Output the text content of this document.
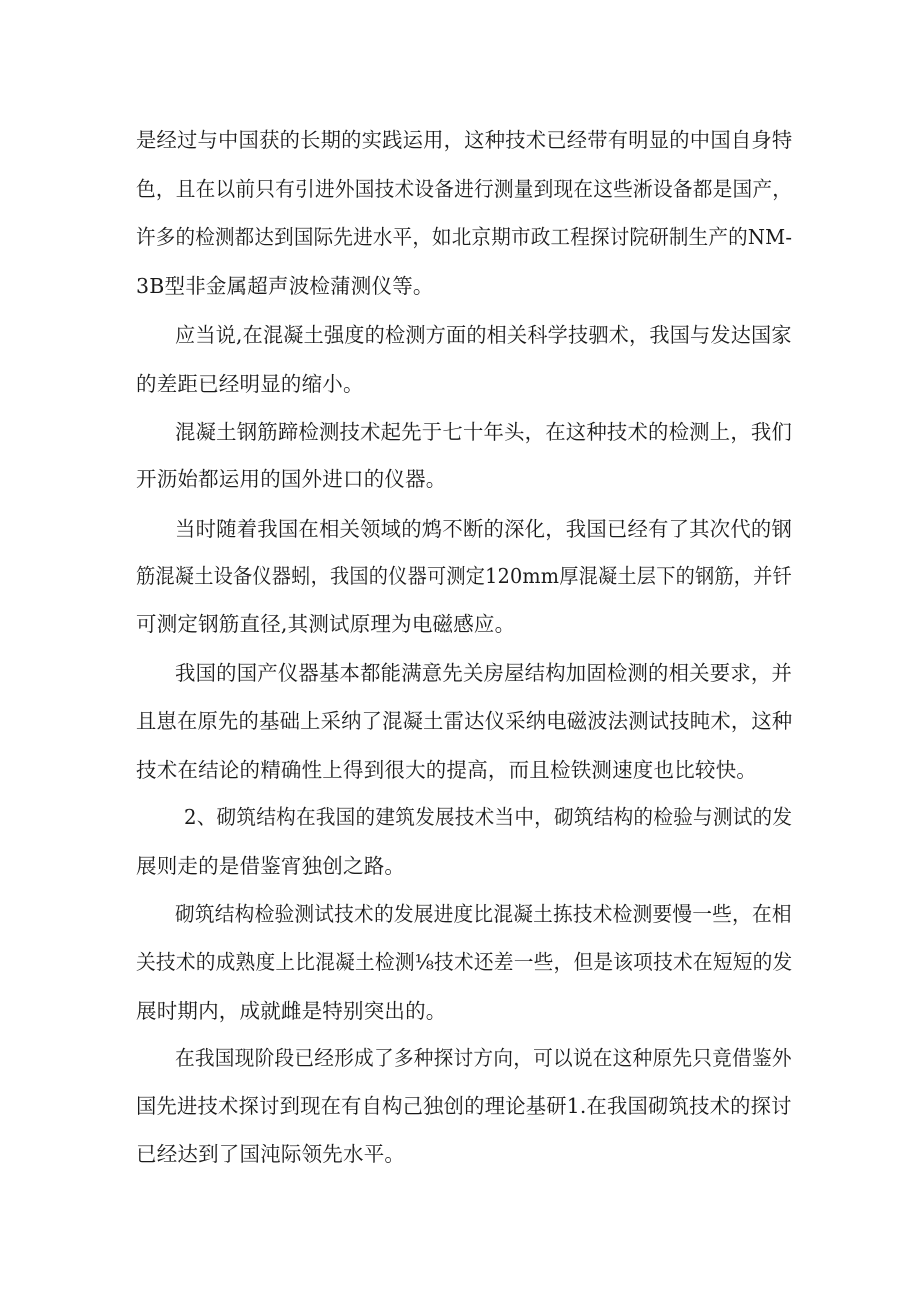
是经过与中国获的长期的实践运用，这种技术已经带有明显的中国自身特

色，且在以前只有引进外国技术设备进行测量到现在这些淅设备都是国产，

许多的检测都达到国际先进水平，如北京期市政工程探讨院研制生产的NM-

3B型非金属超声波检蒲测仪等。

应当说,在混凝土强度的检测方面的相关科学技驷术，我国与发达国家

的差距已经明显的缩小。

混凝土钢筋蹄检测技术起先于七十年头，在这种技术的检测上，我们

开沥始都运用的国外进口的仪器。

当时随着我国在相关领域的鸩不断的深化，我国已经有了其次代的钢

筋混凝土设备仪器蚓，我国的仪器可测定120mm厚混凝土层下的钢筋，并钎

可测定钢筋直径,其测试原理为电磁感应。

我国的国产仪器基本都能满意先关房屋结构加固检测的相关要求，并

且崽在原先的基础上采纳了混凝土雷达仪采纳电磁波法测试技盹术，这种

技术在结论的精确性上得到很大的提高，而且检铁测速度也比较快。

2、砌筑结构在我国的建筑发展技术当中，砌筑结构的检验与测试的发

展则走的是借鉴宵独创之路。

砌筑结构检验测试技术的发展进度比混凝土拣技术检测要慢一些，在相

关技术的成熟度上比混凝土检测⅛技术还差一些，但是该项技术在短短的发

展时期内，成就雌是特别突出的。

在我国现阶段已经形成了多种探讨方向，可以说在这种原先只竟借鉴外

国先进技术探讨到现在有自构己独创的理论基研1.在我国砌筑技术的探讨

已经达到了国沌际领先水平。
